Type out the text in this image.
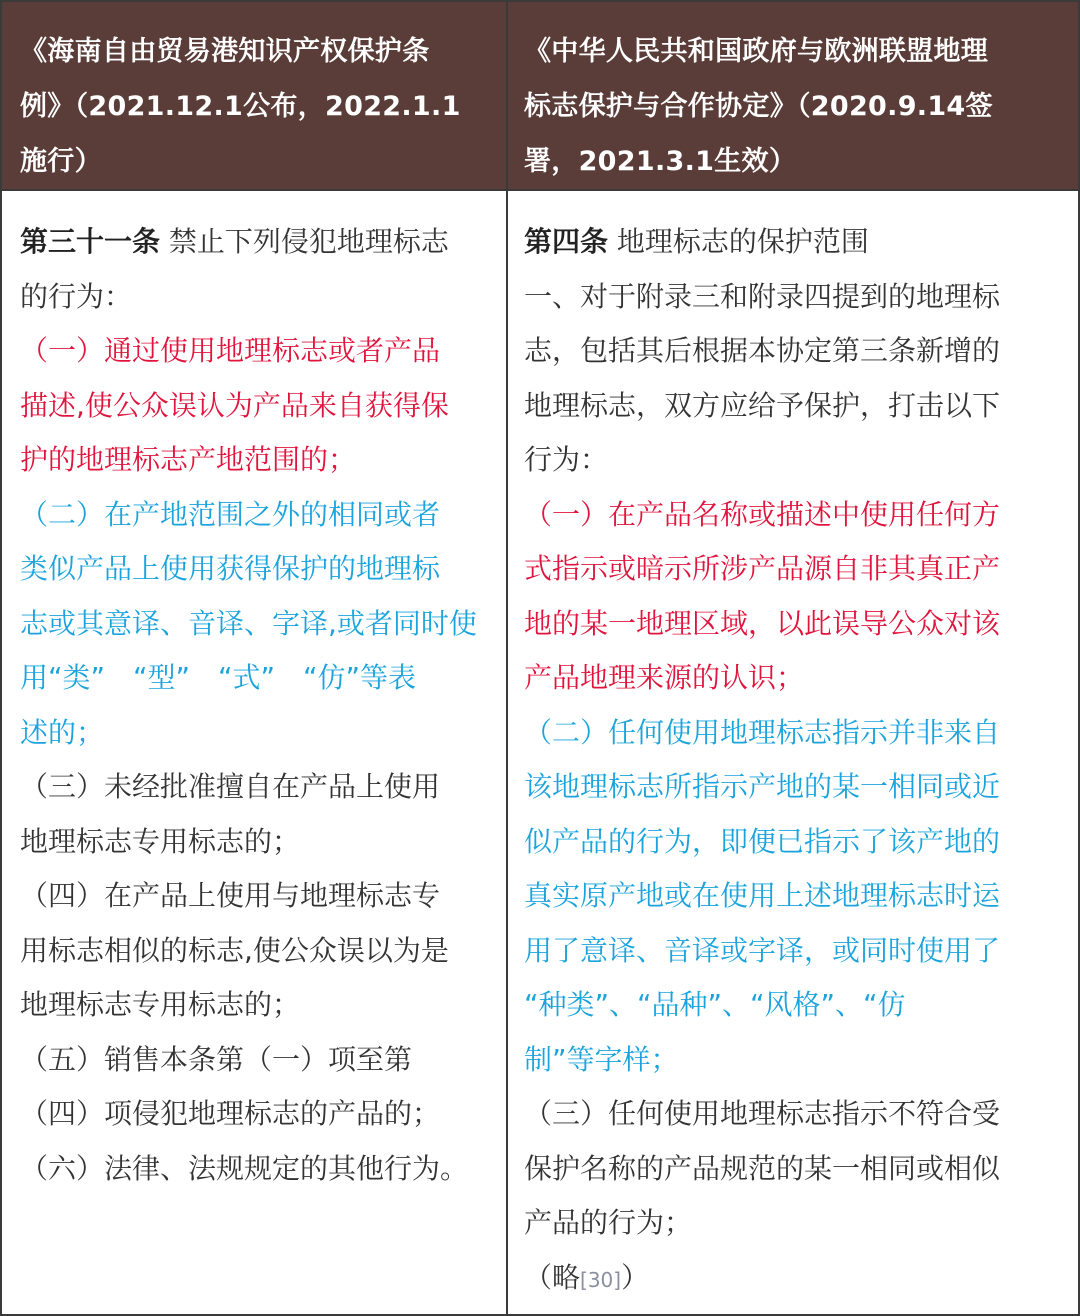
《海南自由贸易港知识产权保护条
例》（2021.12.1公布，2022.1.1
施行）
《中华人民共和国政府与欧洲联盟地理
标志保护与合作协定》（2020.9.14签
署，2021.3.1生效）
第三十一条 禁止下列侵犯地理标志
的行为：
（一）通过使用地理标志或者产品
描述,使公众误认为产品来自获得保
护的地理标志产地范围的；
（二）在产地范围之外的相同或者
类似产品上使用获得保护的地理标
志或其意译、音译、字译,或者同时使
用“类”　“型”　“式”　“仿”等表
述的；
（三）未经批准擅自在产品上使用
地理标志专用标志的；
（四）在产品上使用与地理标志专
用标志相似的标志,使公众误以为是
地理标志专用标志的；
（五）销售本条第（一）项至第
（四）项侵犯地理标志的产品的；
（六）法律、法规规定的其他行为。
第四条 地理标志的保护范围
一、对于附录三和附录四提到的地理标
志，包括其后根据本协定第三条新增的
地理标志，双方应给予保护，打击以下
行为：
（一）在产品名称或描述中使用任何方
式指示或暗示所涉产品源自非其真正产
地的某一地理区域，以此误导公众对该
产品地理来源的认识；
（二）任何使用地理标志指示并非来自
该地理标志所指示产地的某一相同或近
似产品的行为，即便已指示了该产地的
真实原产地或在使用上述地理标志时运
用了意译、音译或字译，或同时使用了
“种类”、“品种”、“风格”、“仿
制”等字样；
（三）任何使用地理标志指示不符合受
保护名称的产品规范的某一相同或相似
产品的行为；
（略[30]）
